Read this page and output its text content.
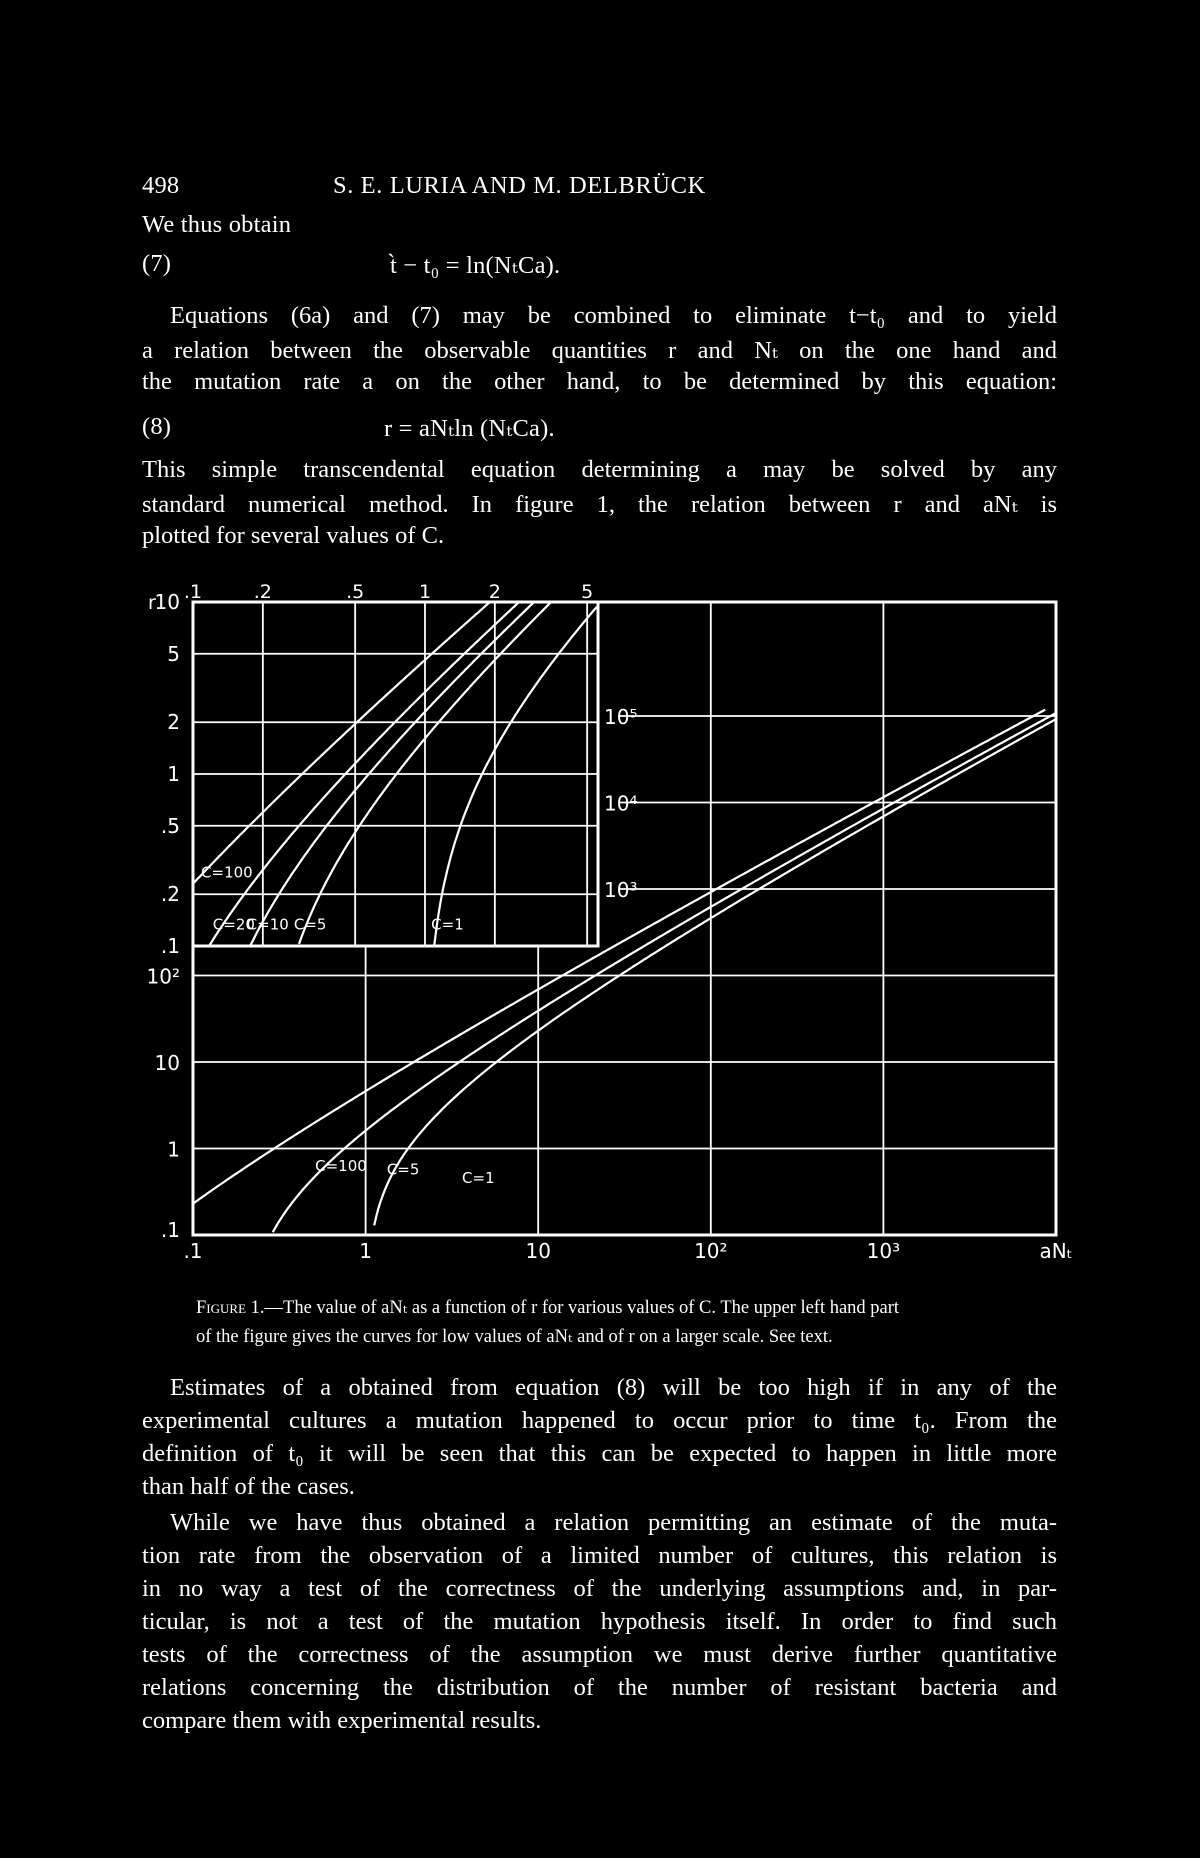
498	S. E. LURIA AND M. DELBRÜCK
We thus obtain
(7)	t̀ − t₀ = ln(NₜCa).
Equations (6a) and (7) may be combined to eliminate t−t₀ and to yield
a relation between the observable quantities r and Nₜ on the one hand and
the mutation rate a on the other hand, to be determined by this equation:
(8)	r = aNₜln (NₜCa).
This simple transcendental equation determining a may be solved by any
standard numerical method. In figure 1, the relation between r and aNₜ is
plotted for several values of C.
.1	.2	.5	1	2	5
r
10
5
2
1
.5
.2
.1
.1
1
10
10²
10³
10⁴
10⁵
.1	1	10	10²	10³	aNₜ
C=100 C=5	C=1
C=100
C=20
C=10 C=5	C=1
Figure 1.—The value of aNₜ as a function of r for various values of C. The upper left hand part
of the figure gives the curves for low values of aNₜ and of r on a larger scale. See text.
Estimates of a obtained from equation (8) will be too high if in any of the
experimental cultures a mutation happened to occur prior to time t₀. From the
definition of t₀ it will be seen that this can be expected to happen in little more
than half of the cases.
While we have thus obtained a relation permitting an estimate of the muta-
tion rate from the observation of a limited number of cultures, this relation is
in no way a test of the correctness of the underlying assumptions and, in par-
ticular, is not a test of the mutation hypothesis itself. In order to find such
tests of the correctness of the assumption we must derive further quantitative
relations concerning the distribution of the number of resistant bacteria and
compare them with experimental results.
